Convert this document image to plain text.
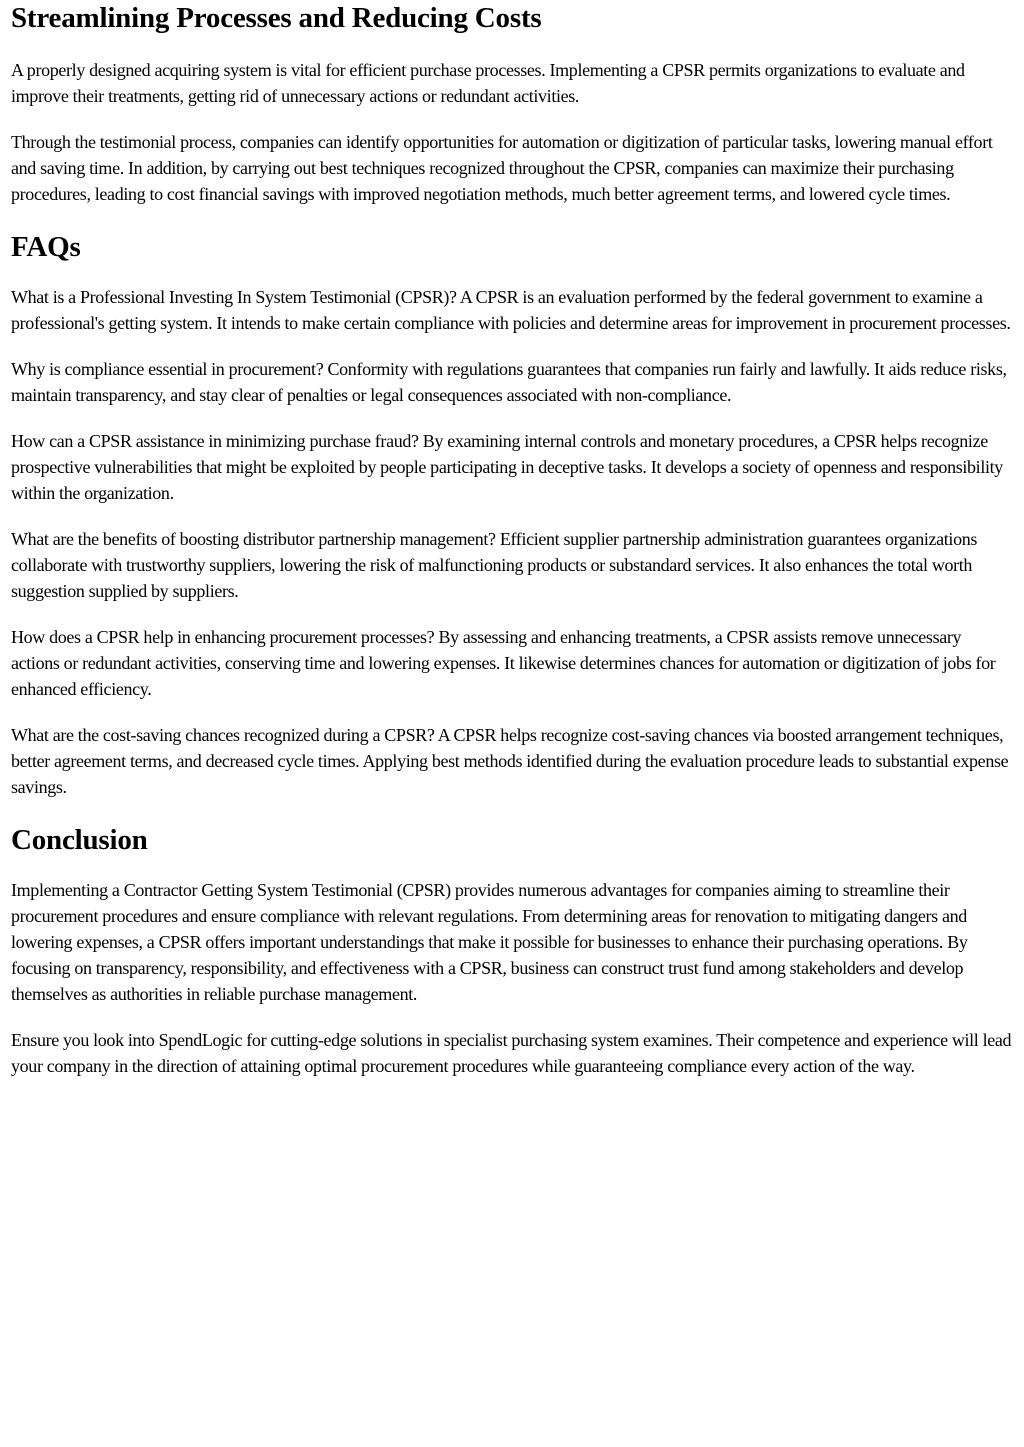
Streamlining Processes and Reducing Costs

A properly designed acquiring system is vital for efficient purchase processes. Implementing a CPSR permits organizations to evaluate and improve their treatments, getting rid of unnecessary actions or redundant activities.

Through the testimonial process, companies can identify opportunities for automation or digitization of particular tasks, lowering manual effort and saving time. In addition, by carrying out best techniques recognized throughout the CPSR, companies can maximize their purchasing procedures, leading to cost financial savings with improved negotiation methods, much better agreement terms, and lowered cycle times.

FAQs

What is a Professional Investing In System Testimonial (CPSR)? A CPSR is an evaluation performed by the federal government to examine a professional's getting system. It intends to make certain compliance with policies and determine areas for improvement in procurement processes.

Why is compliance essential in procurement? Conformity with regulations guarantees that companies run fairly and lawfully. It aids reduce risks, maintain transparency, and stay clear of penalties or legal consequences associated with non-compliance.

How can a CPSR assistance in minimizing purchase fraud? By examining internal controls and monetary procedures, a CPSR helps recognize prospective vulnerabilities that might be exploited by people participating in deceptive tasks. It develops a society of openness and responsibility within the organization.

What are the benefits of boosting distributor partnership management? Efficient supplier partnership administration guarantees organizations collaborate with trustworthy suppliers, lowering the risk of malfunctioning products or substandard services. It also enhances the total worth suggestion supplied by suppliers.

How does a CPSR help in enhancing procurement processes? By assessing and enhancing treatments, a CPSR assists remove unnecessary actions or redundant activities, conserving time and lowering expenses. It likewise determines chances for automation or digitization of jobs for enhanced efficiency.

What are the cost-saving chances recognized during a CPSR? A CPSR helps recognize cost-saving chances via boosted arrangement techniques, better agreement terms, and decreased cycle times. Applying best methods identified during the evaluation procedure leads to substantial expense savings.

Conclusion

Implementing a Contractor Getting System Testimonial (CPSR) provides numerous advantages for companies aiming to streamline their procurement procedures and ensure compliance with relevant regulations. From determining areas for renovation to mitigating dangers and lowering expenses, a CPSR offers important understandings that make it possible for businesses to enhance their purchasing operations. By focusing on transparency, responsibility, and effectiveness with a CPSR, business can construct trust fund among stakeholders and develop themselves as authorities in reliable purchase management.

Ensure you look into SpendLogic for cutting-edge solutions in specialist purchasing system examines. Their competence and experience will lead your company in the direction of attaining optimal procurement procedures while guaranteeing compliance every action of the way.
